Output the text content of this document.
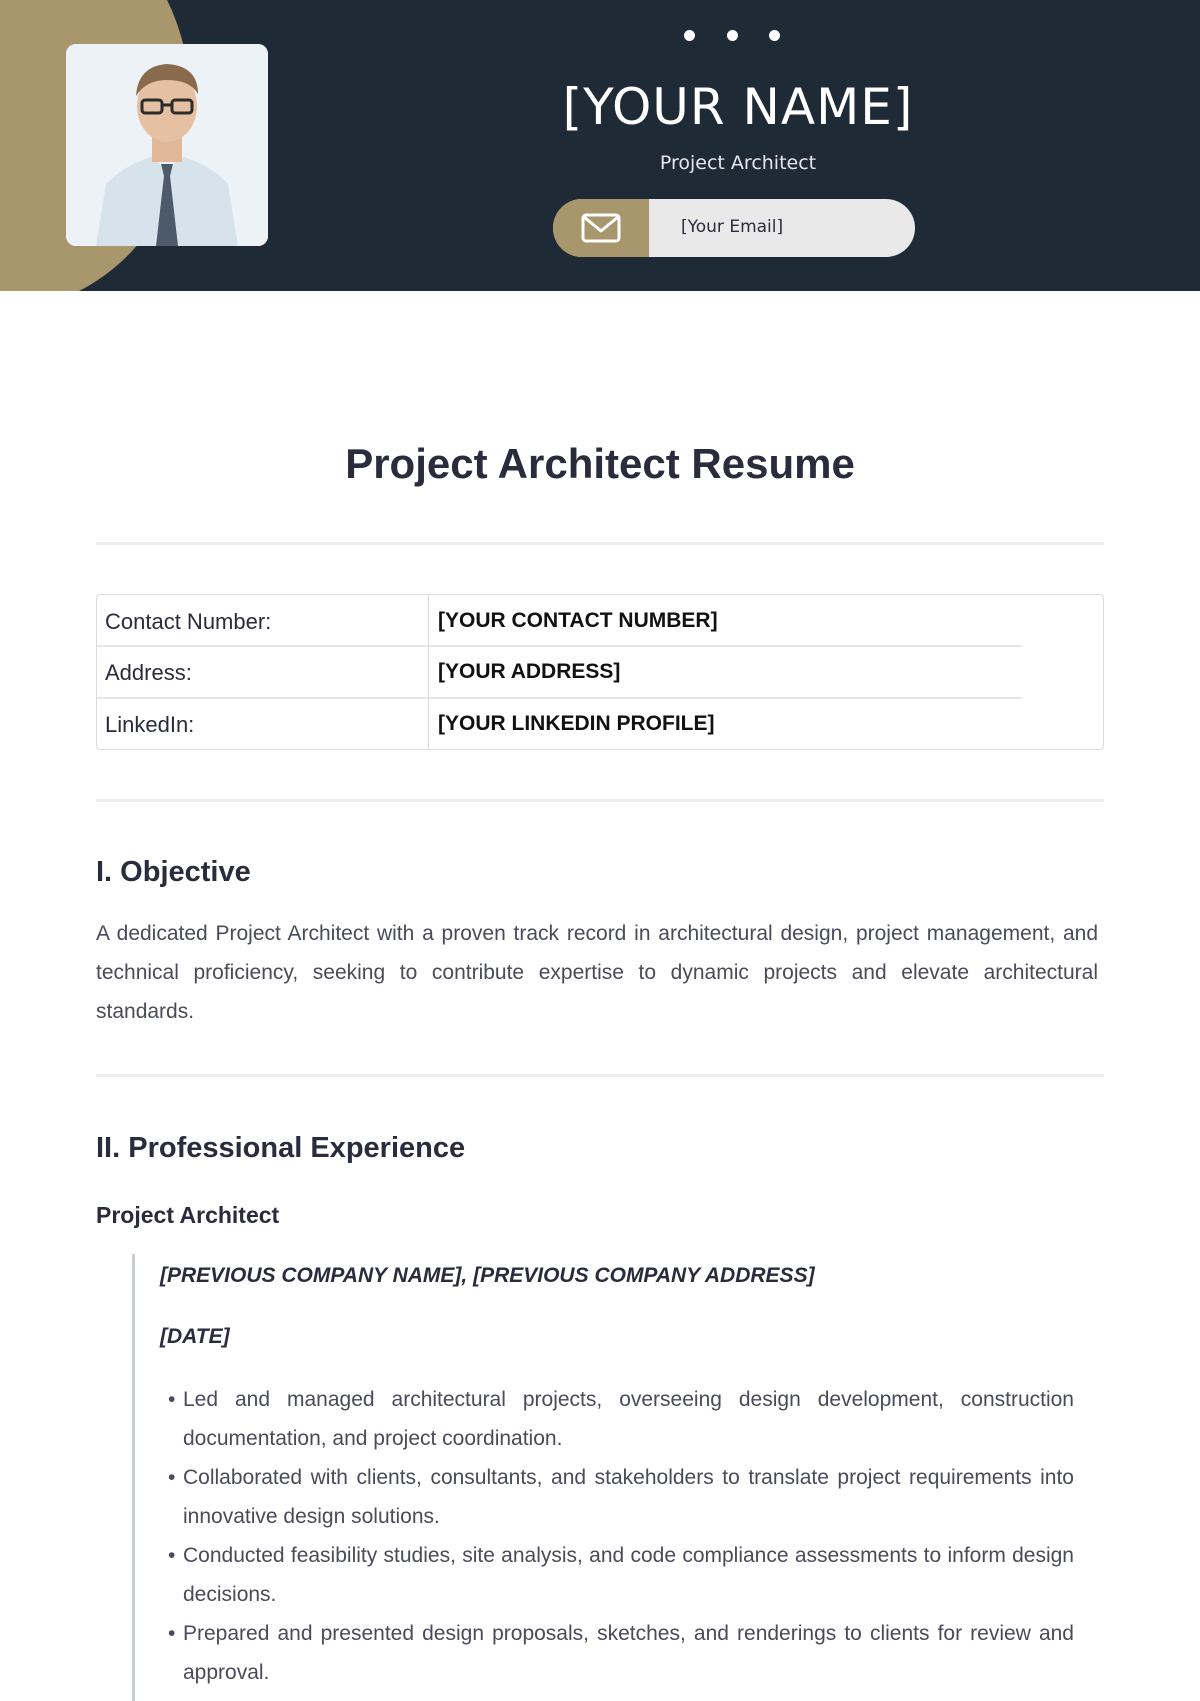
[YOUR NAME]
Project Architect
[Your Email]
Project Architect Resume
Contact Number:	[YOUR CONTACT NUMBER]
Address:	[YOUR ADDRESS]
LinkedIn:	[YOUR LINKEDIN PROFILE]
I. Objective

A dedicated Project Architect with a proven track record in architectural design, project management, and technical proficiency, seeking to contribute expertise to dynamic projects and elevate architectural standards.

II. Professional Experience
Project Architect

[PREVIOUS COMPANY NAME], [PREVIOUS COMPANY ADDRESS]

[DATE]

• Led and managed architectural projects, overseeing design development, construction documentation, and project coordination.
• Collaborated with clients, consultants, and stakeholders to translate project requirements into innovative design solutions.
• Conducted feasibility studies, site analysis, and code compliance assessments to inform design decisions.
• Prepared and presented design proposals, sketches, and renderings to clients for review and approval.
